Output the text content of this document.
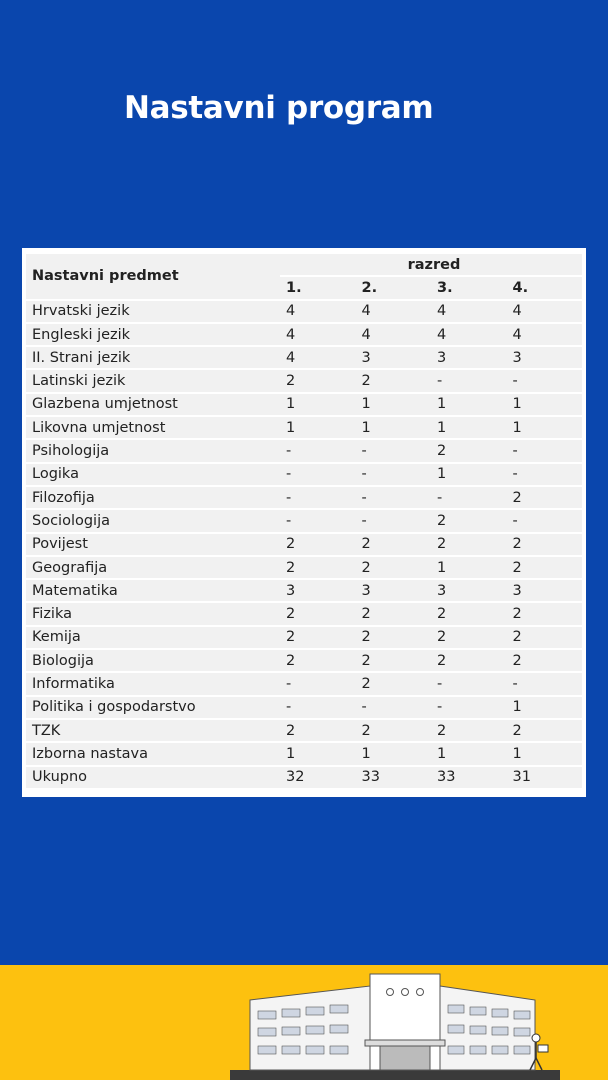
Nastavni program
Nastavni predmet	razred			
	1.	2.	3.	4.
Hrvatski jezik	4	4	4	4
Engleski jezik	4	4	4	4
II. Strani jezik	4	3	3	3
Latinski jezik	2	2	-	-
Glazbena umjetnost	1	1	1	1
Likovna umjetnost	1	1	1	1
Psihologija	-	-	2	-
Logika	-	-	1	-
Filozofija	-	-	-	2
Sociologija	-	-	2	-
Povijest	2	2	2	2
Geografija	2	2	1	2
Matematika	3	3	3	3
Fizika	2	2	2	2
Kemija	2	2	2	2
Biologija	2	2	2	2
Informatika	-	2	-	-
Politika i gospodarstvo	-	-	-	1
TZK	2	2	2	2
Izborna nastava	1	1	1	1
Ukupno	32	33	33	31
